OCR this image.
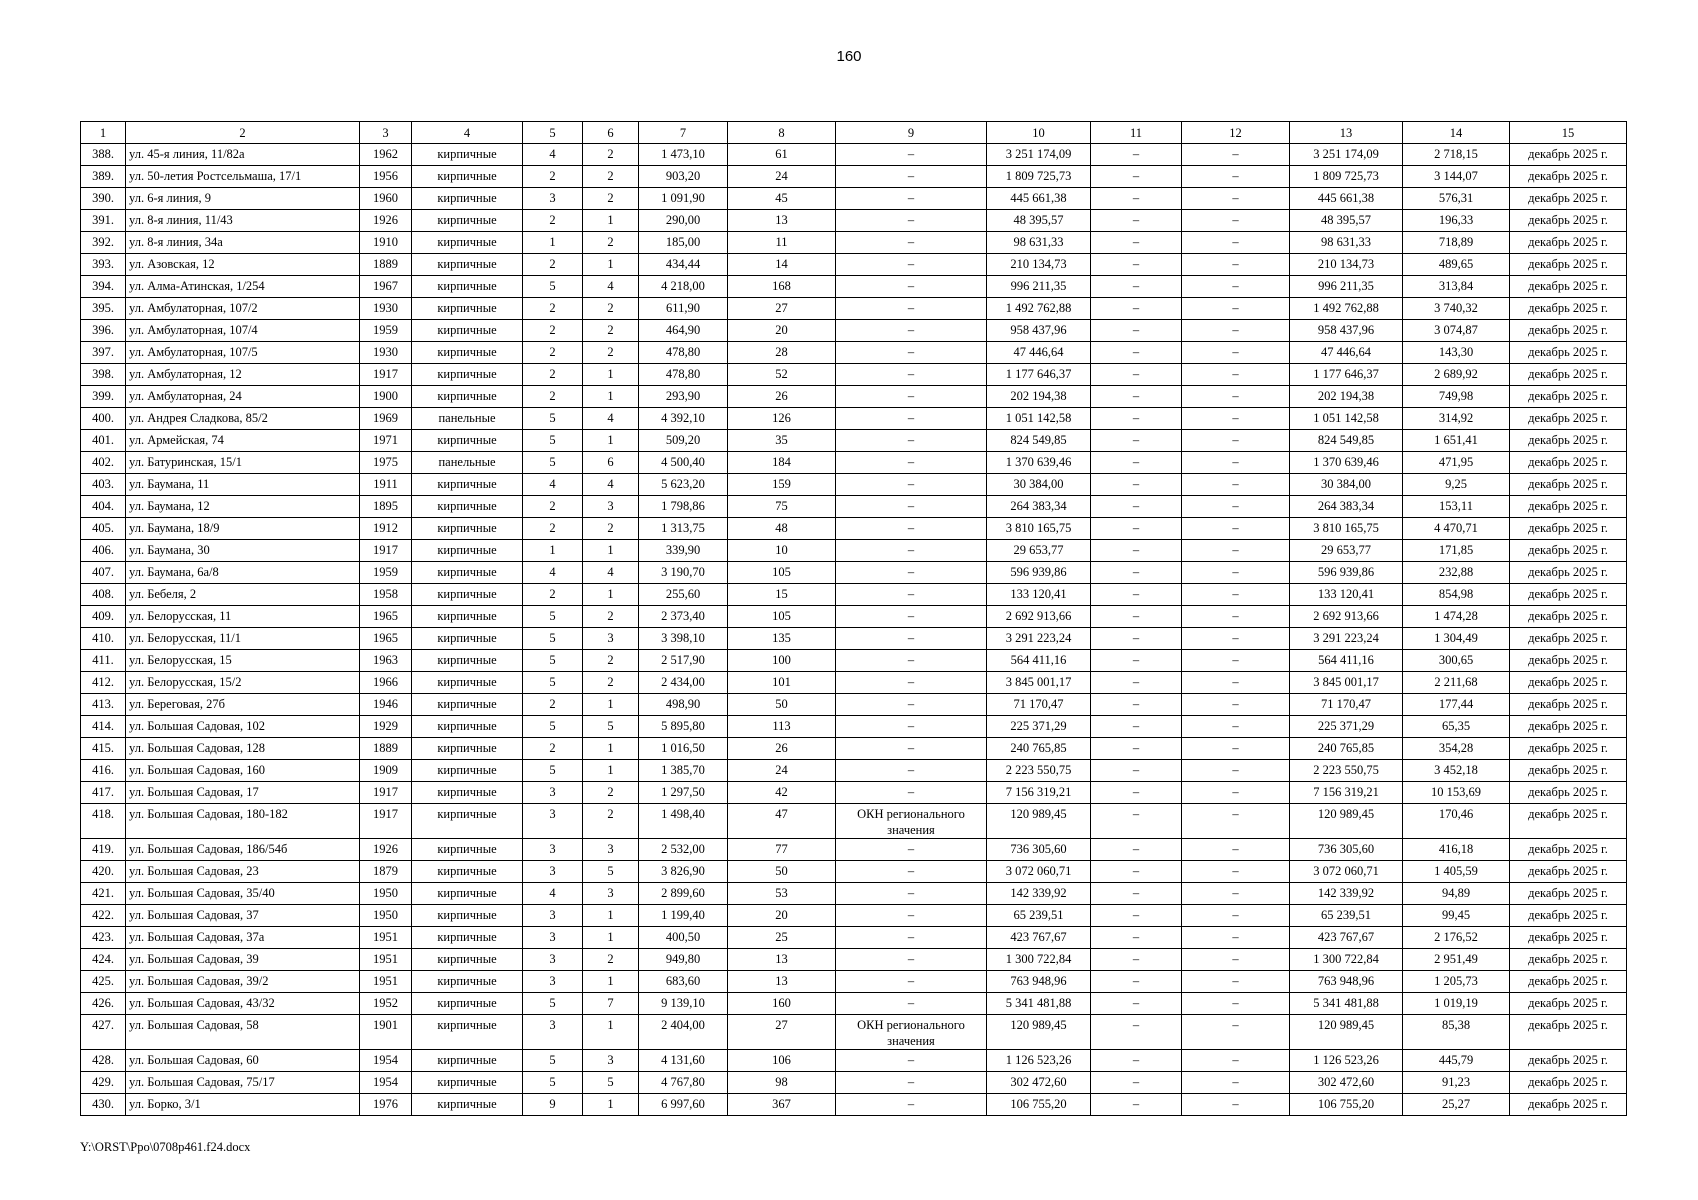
160
1	2	3	4	5	6	7	8	9	10	11	12	13	14	15
388.	ул. 45-я линия, 11/82а	1962	кирпичные	4	2	1 473,10	61	–	3 251 174,09	–	–	3 251 174,09	2 718,15	декабрь 2025 г.
389.	ул. 50-летия Ростсельмаша, 17/1	1956	кирпичные	2	2	903,20	24	–	1 809 725,73	–	–	1 809 725,73	3 144,07	декабрь 2025 г.
390.	ул. 6-я линия, 9	1960	кирпичные	3	2	1 091,90	45	–	445 661,38	–	–	445 661,38	576,31	декабрь 2025 г.
391.	ул. 8-я линия, 11/43	1926	кирпичные	2	1	290,00	13	–	48 395,57	–	–	48 395,57	196,33	декабрь 2025 г.
392.	ул. 8-я линия, 34а	1910	кирпичные	1	2	185,00	11	–	98 631,33	–	–	98 631,33	718,89	декабрь 2025 г.
393.	ул. Азовская, 12	1889	кирпичные	2	1	434,44	14	–	210 134,73	–	–	210 134,73	489,65	декабрь 2025 г.
394.	ул. Алма-Атинская, 1/254	1967	кирпичные	5	4	4 218,00	168	–	996 211,35	–	–	996 211,35	313,84	декабрь 2025 г.
395.	ул. Амбулаторная, 107/2	1930	кирпичные	2	2	611,90	27	–	1 492 762,88	–	–	1 492 762,88	3 740,32	декабрь 2025 г.
396.	ул. Амбулаторная, 107/4	1959	кирпичные	2	2	464,90	20	–	958 437,96	–	–	958 437,96	3 074,87	декабрь 2025 г.
397.	ул. Амбулаторная, 107/5	1930	кирпичные	2	2	478,80	28	–	47 446,64	–	–	47 446,64	143,30	декабрь 2025 г.
398.	ул. Амбулаторная, 12	1917	кирпичные	2	1	478,80	52	–	1 177 646,37	–	–	1 177 646,37	2 689,92	декабрь 2025 г.
399.	ул. Амбулаторная, 24	1900	кирпичные	2	1	293,90	26	–	202 194,38	–	–	202 194,38	749,98	декабрь 2025 г.
400.	ул. Андрея Сладкова, 85/2	1969	панельные	5	4	4 392,10	126	–	1 051 142,58	–	–	1 051 142,58	314,92	декабрь 2025 г.
401.	ул. Армейская, 74	1971	кирпичные	5	1	509,20	35	–	824 549,85	–	–	824 549,85	1 651,41	декабрь 2025 г.
402.	ул. Батуринская, 15/1	1975	панельные	5	6	4 500,40	184	–	1 370 639,46	–	–	1 370 639,46	471,95	декабрь 2025 г.
403.	ул. Баумана, 11	1911	кирпичные	4	4	5 623,20	159	–	30 384,00	–	–	30 384,00	9,25	декабрь 2025 г.
404.	ул. Баумана, 12	1895	кирпичные	2	3	1 798,86	75	–	264 383,34	–	–	264 383,34	153,11	декабрь 2025 г.
405.	ул. Баумана, 18/9	1912	кирпичные	2	2	1 313,75	48	–	3 810 165,75	–	–	3 810 165,75	4 470,71	декабрь 2025 г.
406.	ул. Баумана, 30	1917	кирпичные	1	1	339,90	10	–	29 653,77	–	–	29 653,77	171,85	декабрь 2025 г.
407.	ул. Баумана, 6а/8	1959	кирпичные	4	4	3 190,70	105	–	596 939,86	–	–	596 939,86	232,88	декабрь 2025 г.
408.	ул. Бебеля, 2	1958	кирпичные	2	1	255,60	15	–	133 120,41	–	–	133 120,41	854,98	декабрь 2025 г.
409.	ул. Белорусская, 11	1965	кирпичные	5	2	2 373,40	105	–	2 692 913,66	–	–	2 692 913,66	1 474,28	декабрь 2025 г.
410.	ул. Белорусская, 11/1	1965	кирпичные	5	3	3 398,10	135	–	3 291 223,24	–	–	3 291 223,24	1 304,49	декабрь 2025 г.
411.	ул. Белорусская, 15	1963	кирпичные	5	2	2 517,90	100	–	564 411,16	–	–	564 411,16	300,65	декабрь 2025 г.
412.	ул. Белорусская, 15/2	1966	кирпичные	5	2	2 434,00	101	–	3 845 001,17	–	–	3 845 001,17	2 211,68	декабрь 2025 г.
413.	ул. Береговая, 27б	1946	кирпичные	2	1	498,90	50	–	71 170,47	–	–	71 170,47	177,44	декабрь 2025 г.
414.	ул. Большая Садовая, 102	1929	кирпичные	5	5	5 895,80	113	–	225 371,29	–	–	225 371,29	65,35	декабрь 2025 г.
415.	ул. Большая Садовая, 128	1889	кирпичные	2	1	1 016,50	26	–	240 765,85	–	–	240 765,85	354,28	декабрь 2025 г.
416.	ул. Большая Садовая, 160	1909	кирпичные	5	1	1 385,70	24	–	2 223 550,75	–	–	2 223 550,75	3 452,18	декабрь 2025 г.
417.	ул. Большая Садовая, 17	1917	кирпичные	3	2	1 297,50	42	–	7 156 319,21	–	–	7 156 319,21	10 153,69	декабрь 2025 г.
418.	ул. Большая Садовая, 180-182	1917	кирпичные	3	2	1 498,40	47	ОКН регионального значения	120 989,45	–	–	120 989,45	170,46	декабрь 2025 г.
419.	ул. Большая Садовая, 186/54б	1926	кирпичные	3	3	2 532,00	77	–	736 305,60	–	–	736 305,60	416,18	декабрь 2025 г.
420.	ул. Большая Садовая, 23	1879	кирпичные	3	5	3 826,90	50	–	3 072 060,71	–	–	3 072 060,71	1 405,59	декабрь 2025 г.
421.	ул. Большая Садовая, 35/40	1950	кирпичные	4	3	2 899,60	53	–	142 339,92	–	–	142 339,92	94,89	декабрь 2025 г.
422.	ул. Большая Садовая, 37	1950	кирпичные	3	1	1 199,40	20	–	65 239,51	–	–	65 239,51	99,45	декабрь 2025 г.
423.	ул. Большая Садовая, 37а	1951	кирпичные	3	1	400,50	25	–	423 767,67	–	–	423 767,67	2 176,52	декабрь 2025 г.
424.	ул. Большая Садовая, 39	1951	кирпичные	3	2	949,80	13	–	1 300 722,84	–	–	1 300 722,84	2 951,49	декабрь 2025 г.
425.	ул. Большая Садовая, 39/2	1951	кирпичные	3	1	683,60	13	–	763 948,96	–	–	763 948,96	1 205,73	декабрь 2025 г.
426.	ул. Большая Садовая, 43/32	1952	кирпичные	5	7	9 139,10	160	–	5 341 481,88	–	–	5 341 481,88	1 019,19	декабрь 2025 г.
427.	ул. Большая Садовая, 58	1901	кирпичные	3	1	2 404,00	27	ОКН регионального значения	120 989,45	–	–	120 989,45	85,38	декабрь 2025 г.
428.	ул. Большая Садовая, 60	1954	кирпичные	5	3	4 131,60	106	–	1 126 523,26	–	–	1 126 523,26	445,79	декабрь 2025 г.
429.	ул. Большая Садовая, 75/17	1954	кирпичные	5	5	4 767,80	98	–	302 472,60	–	–	302 472,60	91,23	декабрь 2025 г.
430.	ул. Борко, 3/1	1976	кирпичные	9	1	6 997,60	367	–	106 755,20	–	–	106 755,20	25,27	декабрь 2025 г.
Y:\ORST\Ppo\0708p461.f24.docx
